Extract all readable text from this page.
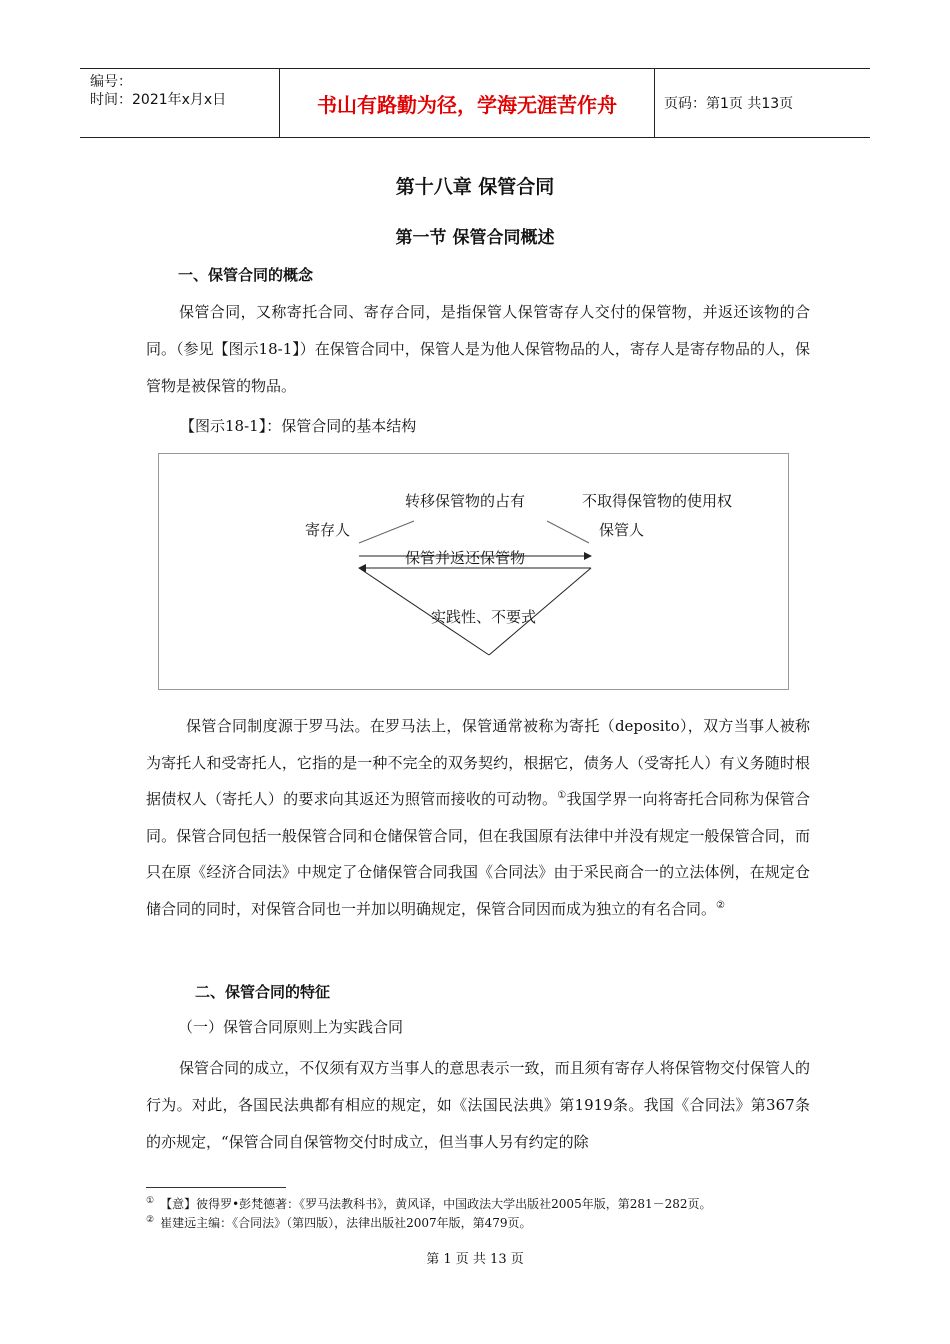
编号：
时间：2021年x月x日	书山有路勤为径，学海无涯苦作舟	页码：第1页 共13页
第十八章 保管合同
第一节 保管合同概述
一、保管合同的概念
保管合同，又称寄托合同、寄存合同，是指保管人保管寄存人交付的保管物，并返还该物的合同。（参见【图示18-1】）在保管合同中，保管人是为他人保管物品的人，寄存人是寄存物品的人，保管物是被保管的物品。
【图示18-1】：保管合同的基本结构
转移保管物的占有	不取得保管物的使用权
寄存人	保管人
保管并返还保管物
实践性、不要式
保管合同制度源于罗马法。在罗马法上，保管通常被称为寄托（deposito），双方当事人被称为寄托人和受寄托人，它指的是一种不完全的双务契约，根据它，债务人（受寄托人）有义务随时根据债权人（寄托人）的要求向其返还为照管而接收的可动物。①我国学界一向将寄托合同称为保管合同。保管合同包括一般保管合同和仓储保管合同，但在我国原有法律中并没有规定一般保管合同，而只在原《经济合同法》中规定了仓储保管合同我国《合同法》由于采民商合一的立法体例，在规定仓储合同的同时，对保管合同也一并加以明确规定，保管合同因而成为独立的有名合同。②
二、保管合同的特征
（一）保管合同原则上为实践合同
保管合同的成立，不仅须有双方当事人的意思表示一致，而且须有寄存人将保管物交付保管人的行为。对此，各国民法典都有相应的规定，如《法国民法典》第1919条。我国《合同法》第367条的亦规定，“保管合同自保管物交付时成立，但当事人另有约定的除
① 【意】彼得罗•彭梵德著：《罗马法教科书》，黄风译，中国政法大学出版社2005年版，第281－282页。
② 崔建远主编：《合同法》（第四版），法律出版社2007年版，第479页。
第 1 页 共 13 页
